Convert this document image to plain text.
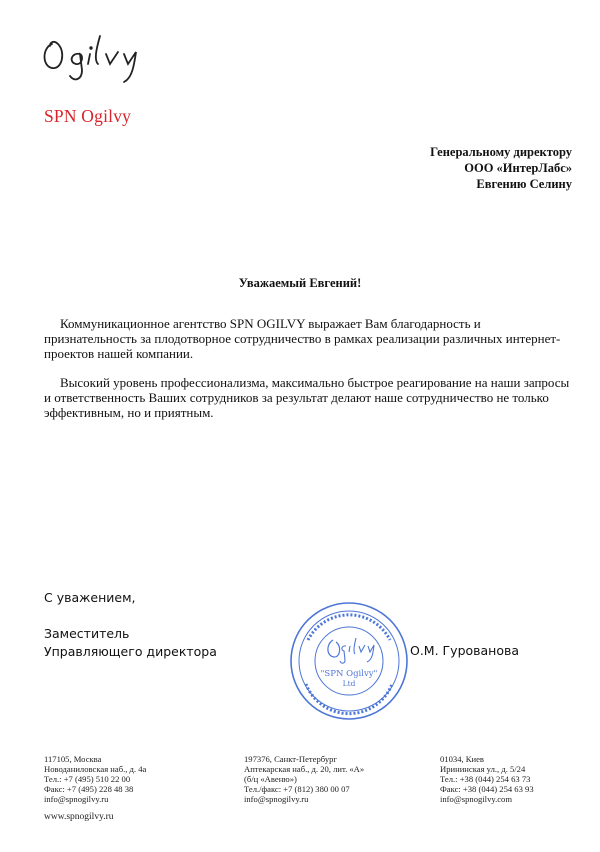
SPN Ogilvy
Генеральному директору
ООО «ИнтерЛабс»
Евгению Селину
Уважаемый Евгений!
Коммуникационное агентство SPN OGILVY выражает Вам благодарность и признательность за плодотворное сотрудничество в рамках реализации различных интернет-проектов нашей компании.
Высокий уровень профессионализма, максимально быстрое реагирование на наши запросы и ответственность Ваших сотрудников за результат делают наше сотрудничество не только эффективным, но и приятным.
С уважением,
Заместитель
Управляющего директора	О.М. Гурованова
"SPN Ogilvy"
Ltd
117105, Москва
Новоданиловская наб., д. 4а
Тел.: +7 (495) 510 22 00
Факс: +7 (495) 228 48 38
info@spnogilvy.ru
197376, Санкт-Петербург
Аптекарская наб., д. 20, лит. «А»
(б/ц «Авеню»)
Тел./факс: +7 (812) 380 00 07
info@spnogilvy.ru
01034, Киев
Ирининская ул., д. 5/24
Тел.: +38 (044) 254 63 73
Факс: +38 (044) 254 63 93
info@spnogilvy.com
www.spnogilvy.ru
